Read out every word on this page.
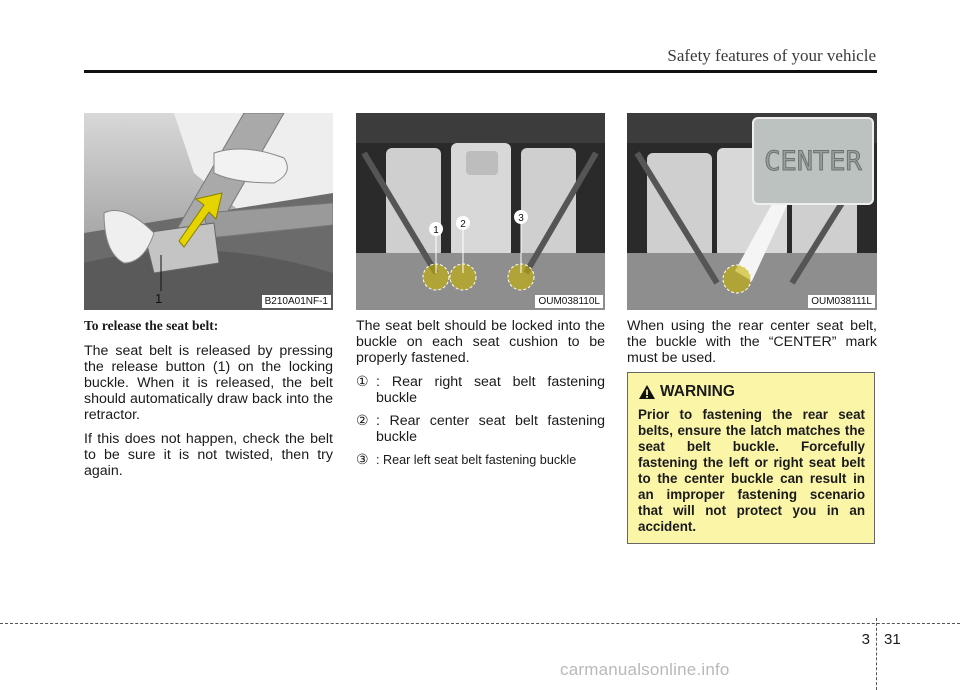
Safety features of your vehicle
1	B210A01NF-1
1
2
3
OUM038110L
CENTER
OUM038111L
To release the seat belt:

The seat belt is released by pressing the release button (1) on the locking buckle. When it is released, the belt should automatically draw back into the retractor.

If this does not happen, check the belt to be sure it is not twisted, then try again.

The seat belt should be locked into the buckle on each seat cushion to be properly fastened.

① : Rear right seat belt fastening buckle
② : Rear center seat belt fastening buckle
③ : Rear left seat belt fastening buckle

When using the rear center seat belt, the buckle with the “CENTER” mark must be used.

WARNING
Prior to fastening the rear seat belts, ensure the latch matches the seat belt buckle. Forcefully fastening the left or right seat belt to the center buckle can result in an improper fastening scenario that will not protect you in an accident.
3 31
carmanualsonline.info
